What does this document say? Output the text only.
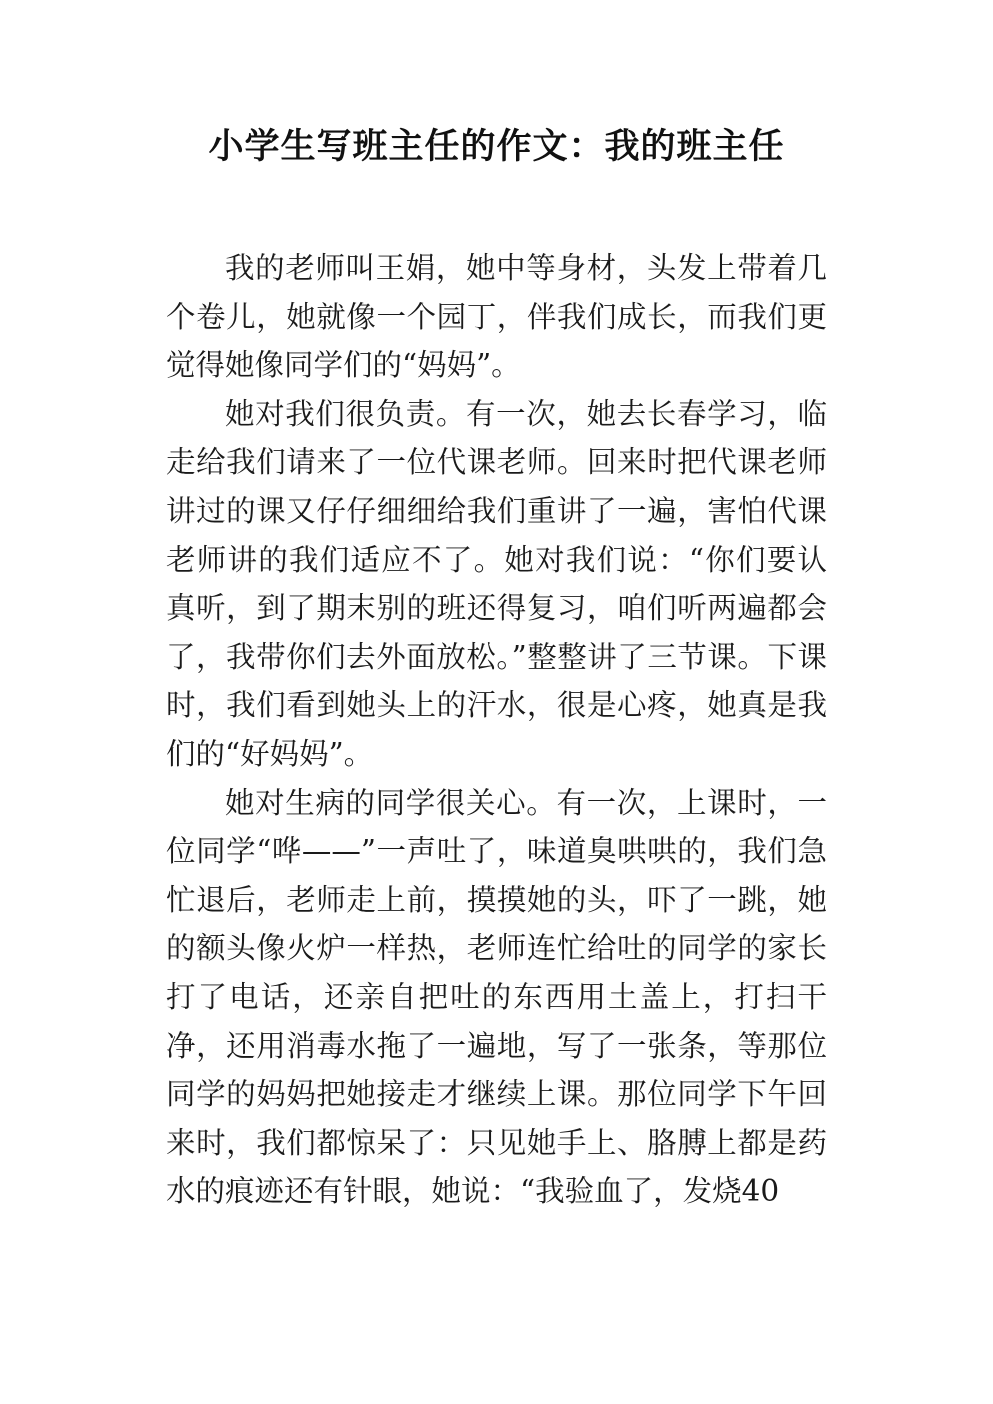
小学生写班主任的作文：我的班主任

我的老师叫王娟，她中等身材，头发上带着几个卷儿，她就像一个园丁，伴我们成长，而我们更觉得她像同学们的“妈妈”。

她对我们很负责。有一次，她去长春学习，临走给我们请来了一位代课老师。回来时把代课老师讲过的课又仔仔细细给我们重讲了一遍，害怕代课老师讲的我们适应不了。她对我们说：“你们要认真听，到了期末别的班还得复习，咱们听两遍都会了，我带你们去外面放松。”整整讲了三节课。下课时，我们看到她头上的汗水，很是心疼，她真是我们的“好妈妈”。

她对生病的同学很关心。有一次，上课时，一位同学“哗——”一声吐了，味道臭哄哄的，我们急忙退后，老师走上前，摸摸她的头，吓了一跳，她的额头像火炉一样热，老师连忙给吐的同学的家长打了电话，还亲自把吐的东西用土盖上，打扫干净，还用消毒水拖了一遍地，写了一张条，等那位同学的妈妈把她接走才继续上课。那位同学下午回来时，我们都惊呆了：只见她手上、胳膊上都是药水的痕迹还有针眼，她说：“我验血了，发烧40
